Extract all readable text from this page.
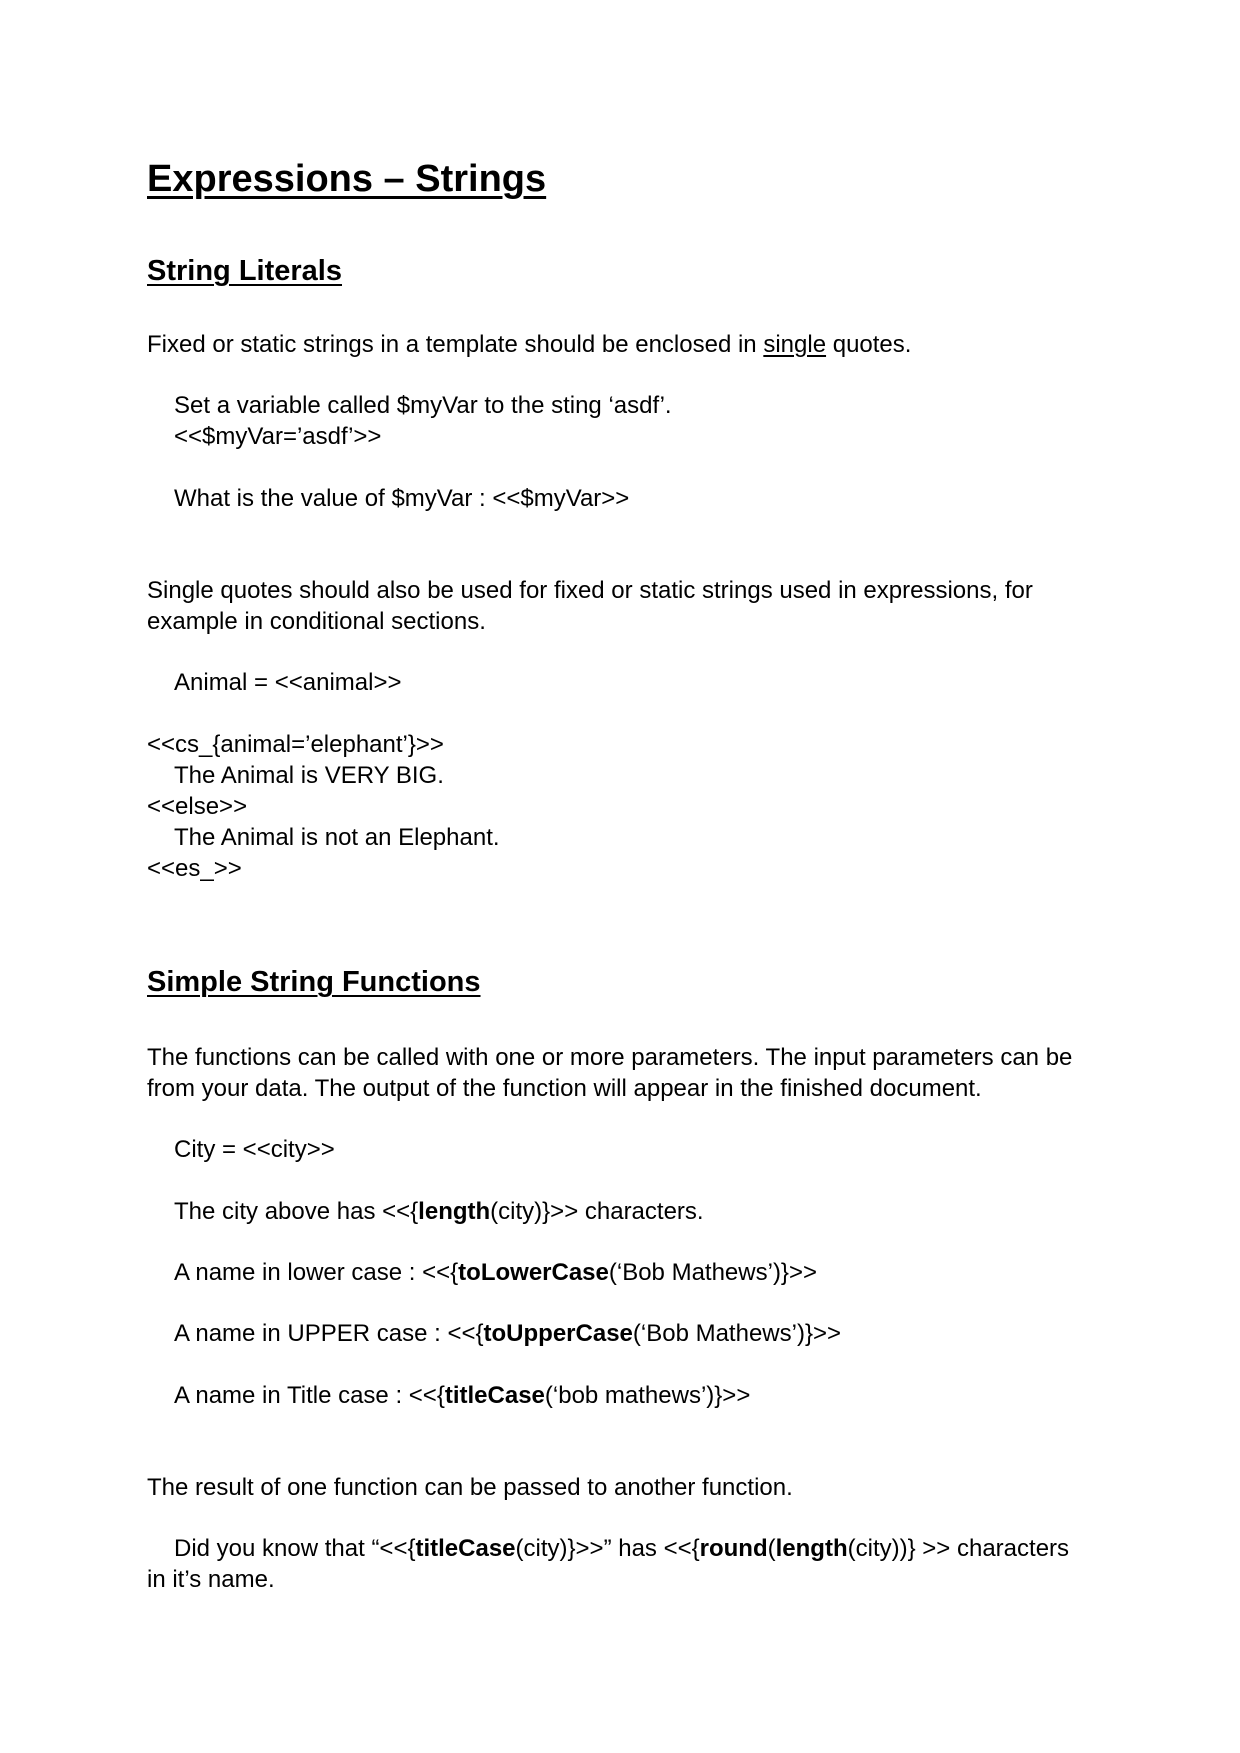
Expressions – Strings
String Literals

Fixed or static strings in a template should be enclosed in single quotes.

Set a variable called $myVar to the sting ‘asdf’.

<<$myVar=’asdf’>>

What is the value of $myVar : <<$myVar>>

Single quotes should also be used for fixed or static strings used in expressions, for

example in conditional sections.

Animal = <<animal>>

<<cs_{animal=’elephant’}>>

The Animal is VERY BIG.

<<else>>

The Animal is not an Elephant.

<<es_>>

Simple String Functions

The functions can be called with one or more parameters. The input parameters can be

from your data. The output of the function will appear in the finished document.

City = <<city>>

The city above has <<{length(city)}>> characters.

A name in lower case : <<{toLowerCase(‘Bob Mathews’)}>>

A name in UPPER case : <<{toUpperCase(‘Bob Mathews’)}>>

A name in Title case : <<{titleCase(‘bob mathews’)}>>

The result of one function can be passed to another function.

Did you know that “<<{titleCase(city)}>>” has <<{round(length(city))} >> characters

in it’s name.
